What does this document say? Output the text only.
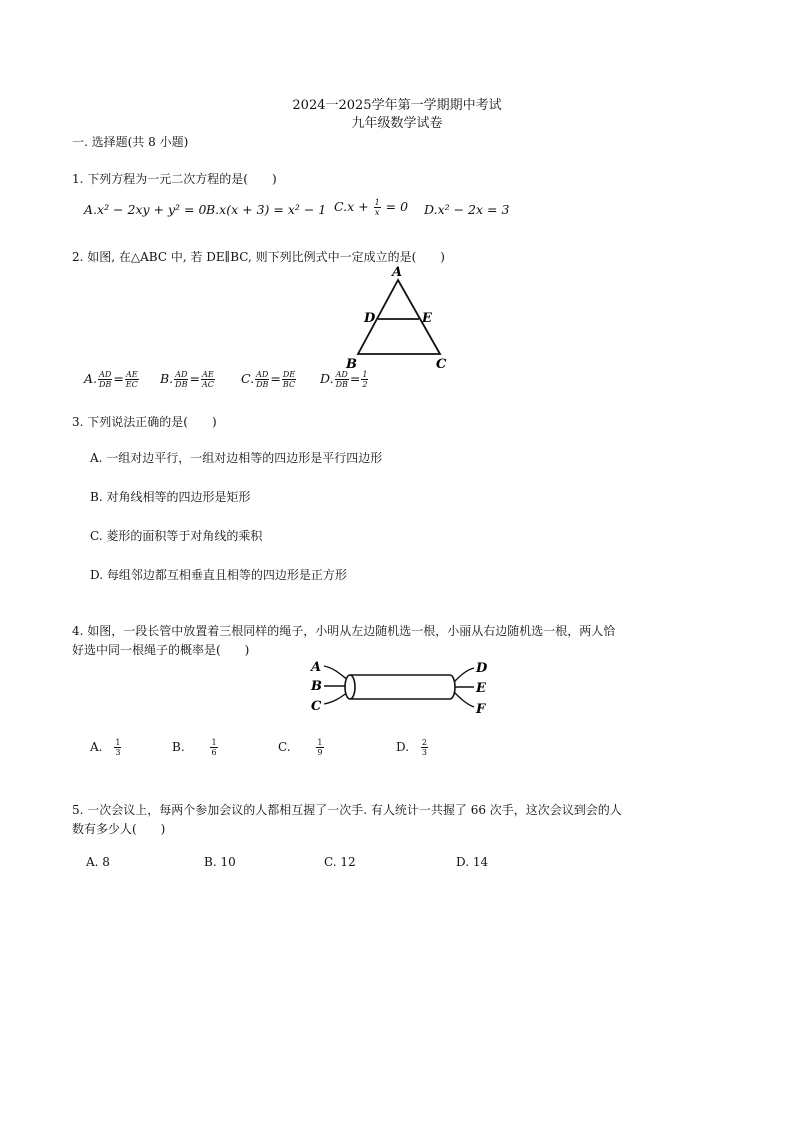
2024一2025学年第一学期期中考试
九年级数学试卷
一. 选择题(共 8 小题)
1. 下列方程为一元二次方程的是(　　)
A.x² − 2xy + y² = 0 B.x(x + 3) = x² − 1 $C.x + \frac{1}{x} = 0$ D.x² − 2x = 3
2. 如图, 在△ABC 中, 若 DE∥BC, 则下列比例式中一定成立的是(　　)
A
D	E
B	C
A. $\frac{AD}{DB} = \frac{AE}{EC} B$. $\frac{AD}{DB} = \frac{AE}{AC} C$. $\frac{AD}{DB} = \frac{DE}{BC} D$. $\frac{AD}{DB} = \frac{1}{2}$
3. 下列说法正确的是(　　)
A. 一组对边平行，一组对边相等的四边形是平行四边形
B. 对角线相等的四边形是矩形
C. 菱形的面积等于对角线的乘积
D. 每组邻边都互相垂直且相等的四边形是正方形
4. 如图，一段长管中放置着三根同样的绳子，小明从左边随机选一根，小丽从右边随机选一根，两人恰
好选中同一根绳子的概率是(　　)
A
B
C
D
E
F
A. $\frac{1}{3}$	B.	$\frac{1}{6}$	C.	$\frac{1}{9}$	D. $\frac{2}{3}$
5. 一次会议上，每两个参加会议的人都相互握了一次手. 有人统计一共握了 66 次手，这次会议到会的人
数有多少人(　　)
A. 8	B. 10	C. 12	D. 14
